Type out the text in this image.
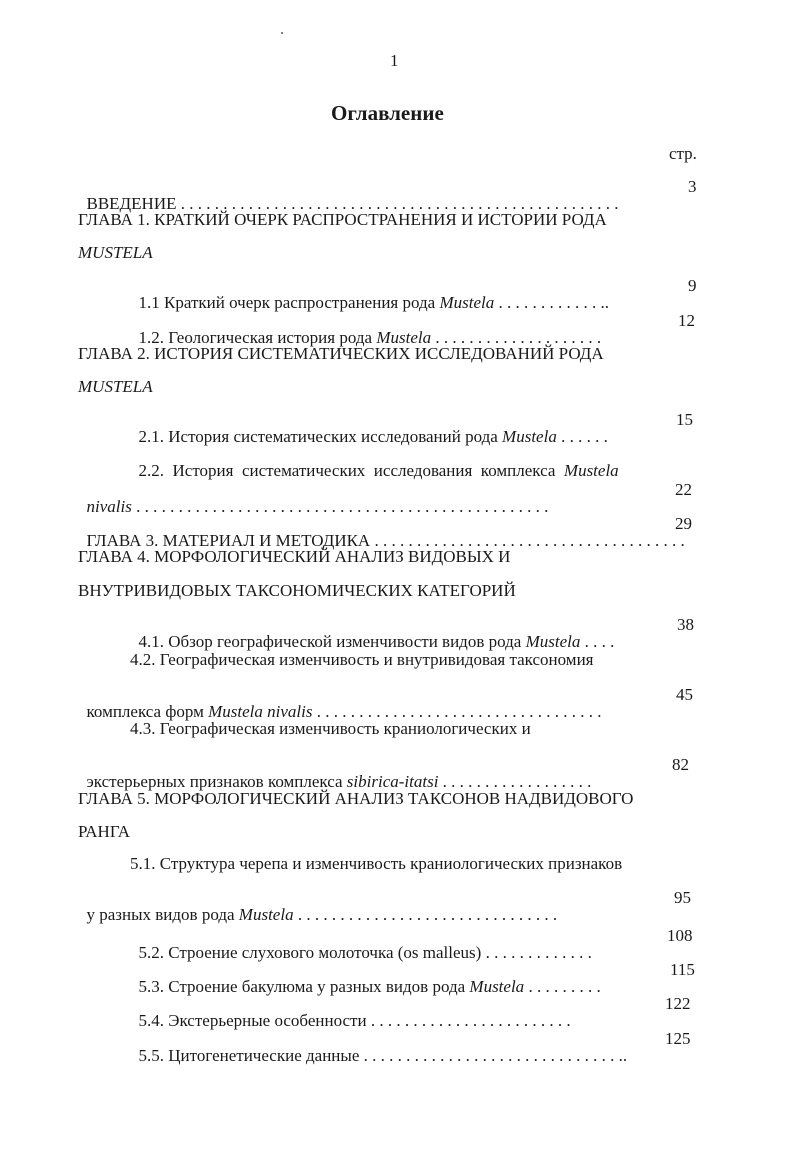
1
Оглавление
стр.

ВВЕДЕНИЕ . . . . . . . . . . . . . . . . . . . . . . . . . . . . . . . . . . . . . . . . . . . . . . . . . . . .

3
ГЛАВА 1. КРАТКИЙ ОЧЕРК РАСПРОСТРАНЕНИЯ И ИСТОРИИ РОДА
MUSTELA

1.1 Краткий очерк распространения рода Mustela . . . . . . . . . . . . ..

9

1.2. Геологическая история рода Mustela . . . . . . . . . . . . . . . . . . . .

12
ГЛАВА 2. ИСТОРИЯ СИСТЕМАТИЧЕСКИХ ИССЛЕДОВАНИЙ РОДА
MUSTELA

2.1. История систематических исследований рода Mustela . . . . . .

15

2.2.  История  систематических  исследования  комплекса  Mustela

nivalis . . . . . . . . . . . . . . . . . . . . . . . . . . . . . . . . . . . . . . . . . . . . . . . . .

22

ГЛАВА 3. МАТЕРИАЛ И МЕТОДИКА . . . . . . . . . . . . . . . . . . . . . . . . . . . . . . . . . . . . .

29
ГЛАВА 4. МОРФОЛОГИЧЕСКИЙ АНАЛИЗ ВИДОВЫХ И
ВНУТРИВИДОВЫХ ТАКСОНОМИЧЕСКИХ КАТЕГОРИЙ

4.1. Обзор географической изменчивости видов рода Mustela . . . .

38
4.2. Географическая изменчивость и внутривидовая таксономия

комплекса форм Mustela nivalis . . . . . . . . . . . . . . . . . . . . . . . . . . . . . . . . . .

45
4.3. Географическая изменчивость краниологических и

экстерьерных признаков комплекса sibirica-itatsi . . . . . . . . . . . . . . . . . .

82
ГЛАВА 5. МОРФОЛОГИЧЕСКИЙ АНАЛИЗ ТАКСОНОВ НАДВИДОВОГО
РАНГА
5.1. Структура черепа и изменчивость краниологических признаков

у разных видов рода Mustela . . . . . . . . . . . . . . . . . . . . . . . . . . . . . . .

95

5.2. Строение слухового молоточка (os malleus) . . . . . . . . . . . . .

108

5.3. Строение бакулюма у разных видов рода Mustela . . . . . . . . .

115

5.4. Экстерьерные особенности . . . . . . . . . . . . . . . . . . . . . . . .

122

5.5. Цитогенетические данные . . . . . . . . . . . . . . . . . . . . . . . . . . . . . . ..

125
